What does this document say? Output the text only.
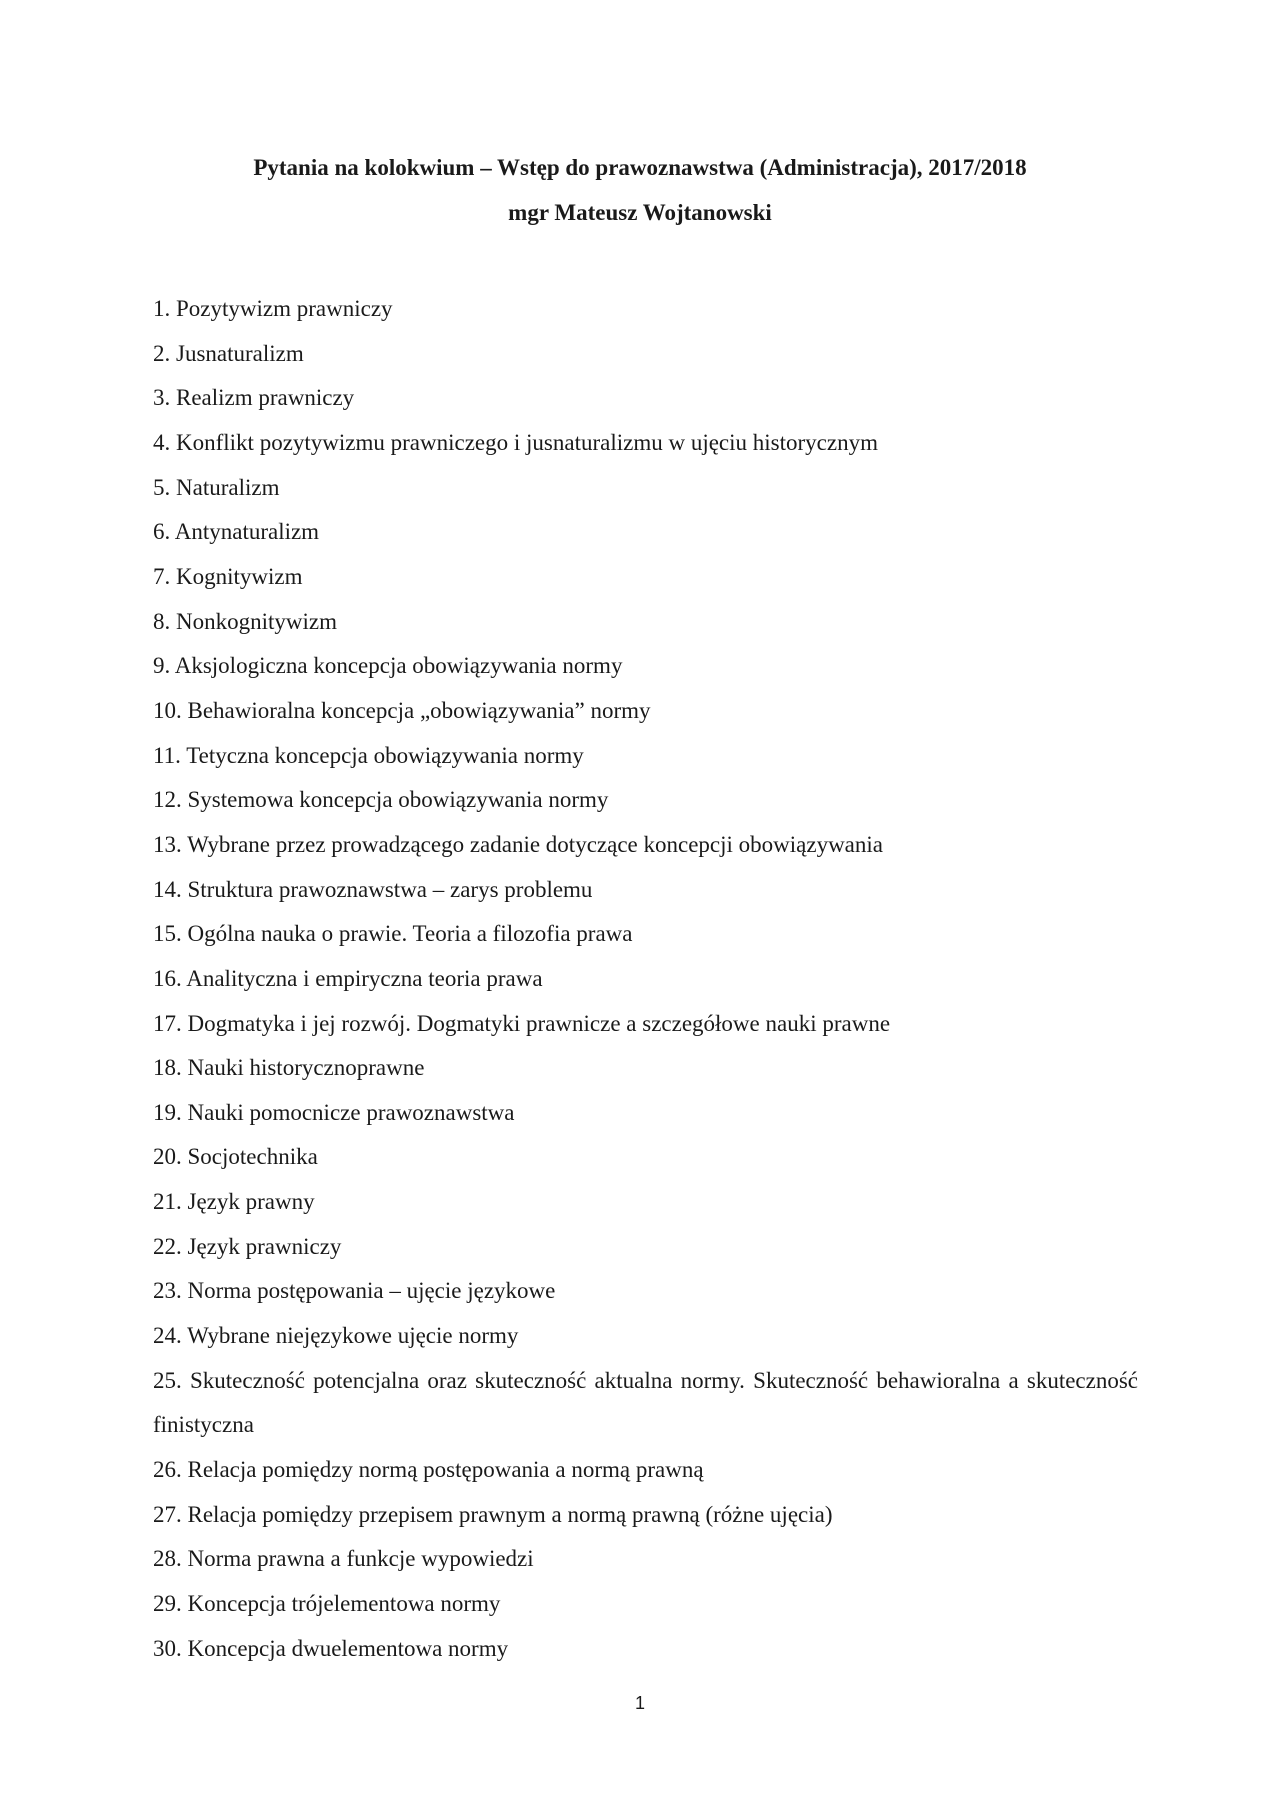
Pytania na kolokwium – Wstęp do prawoznawstwa (Administracja), 2017/2018
mgr Mateusz Wojtanowski
1. Pozytywizm prawniczy
2. Jusnaturalizm
3. Realizm prawniczy
4. Konflikt pozytywizmu prawniczego i jusnaturalizmu w ujęciu historycznym
5. Naturalizm
6. Antynaturalizm
7. Kognitywizm
8. Nonkognitywizm
9. Aksjologiczna koncepcja obowiązywania normy
10. Behawioralna koncepcja „obowiązywania” normy
11. Tetyczna koncepcja obowiązywania normy
12. Systemowa koncepcja obowiązywania normy
13. Wybrane przez prowadzącego zadanie dotyczące koncepcji obowiązywania
14. Struktura prawoznawstwa – zarys problemu
15. Ogólna nauka o prawie. Teoria a filozofia prawa
16. Analityczna i empiryczna teoria prawa
17. Dogmatyka i jej rozwój. Dogmatyki prawnicze a szczegółowe nauki prawne
18. Nauki historycznoprawne
19. Nauki pomocnicze prawoznawstwa
20. Socjotechnika
21. Język prawny
22. Język prawniczy
23. Norma postępowania – ujęcie językowe
24. Wybrane niejęzykowe ujęcie normy
25. Skuteczność potencjalna oraz skuteczność aktualna normy. Skuteczność behawioralna a skuteczność finistyczna
26. Relacja pomiędzy normą postępowania a normą prawną
27. Relacja pomiędzy przepisem prawnym a normą prawną (różne ujęcia)
28. Norma prawna a funkcje wypowiedzi
29. Koncepcja trójelementowa normy
30. Koncepcja dwuelementowa normy
1
